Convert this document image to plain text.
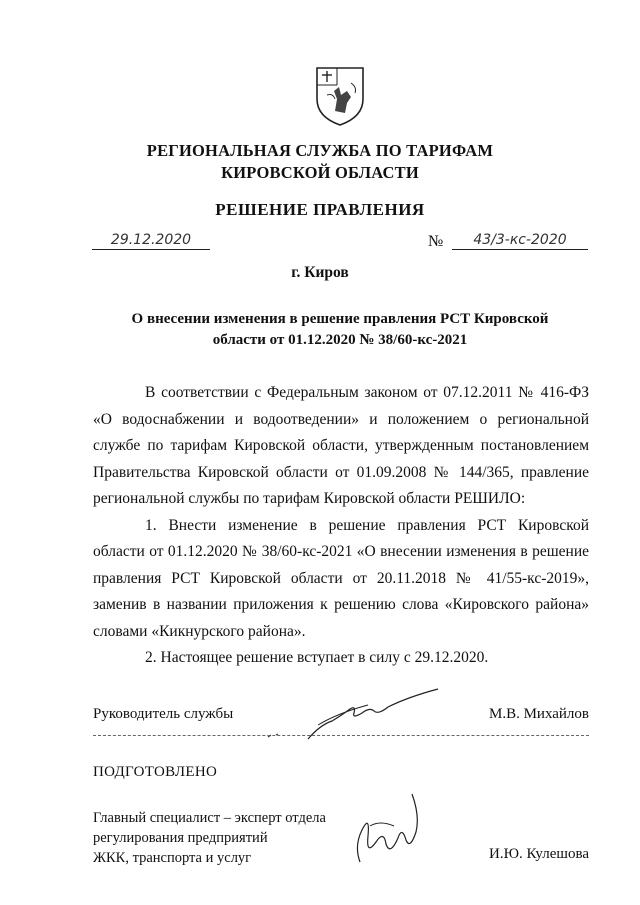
РЕГИОНАЛЬНАЯ СЛУЖБА ПО ТАРИФАМ
КИРОВСКОЙ ОБЛАСТИ
РЕШЕНИЕ ПРАВЛЕНИЯ
29.12.2020	№	43/3-кс-2020
г. Киров
О внесении изменения в решение правления РСТ Кировской
области от 01.12.2020 № 38/60-кс-2021

В соответствии с Федеральным законом от 07.12.2011 № 416-ФЗ «О водоснабжении и водоотведении» и положением о региональной службе по тарифам Кировской области, утвержденным постановлением Правительства Кировской области от 01.09.2008 № 144/365, правление региональной службы по тарифам Кировской области РЕШИЛО:

1. Внести изменение в решение правления РСТ Кировской области от 01.12.2020 № 38/60-кс-2021 «О внесении изменения в решение правления РСТ Кировской области от 20.11.2018 № 41/55-кс-2019», заменив в названии приложения к решению слова «Кировского района» словами «Кикнурского района».

2. Настоящее решение вступает в силу с 29.12.2020.

Руководитель службы	М.В. Михайлов
ПОДГОТОВЛЕНО
Главный специалист – эксперт отдела
регулирования предприятий
ЖКК, транспорта и услуг	И.Ю. Кулешова
